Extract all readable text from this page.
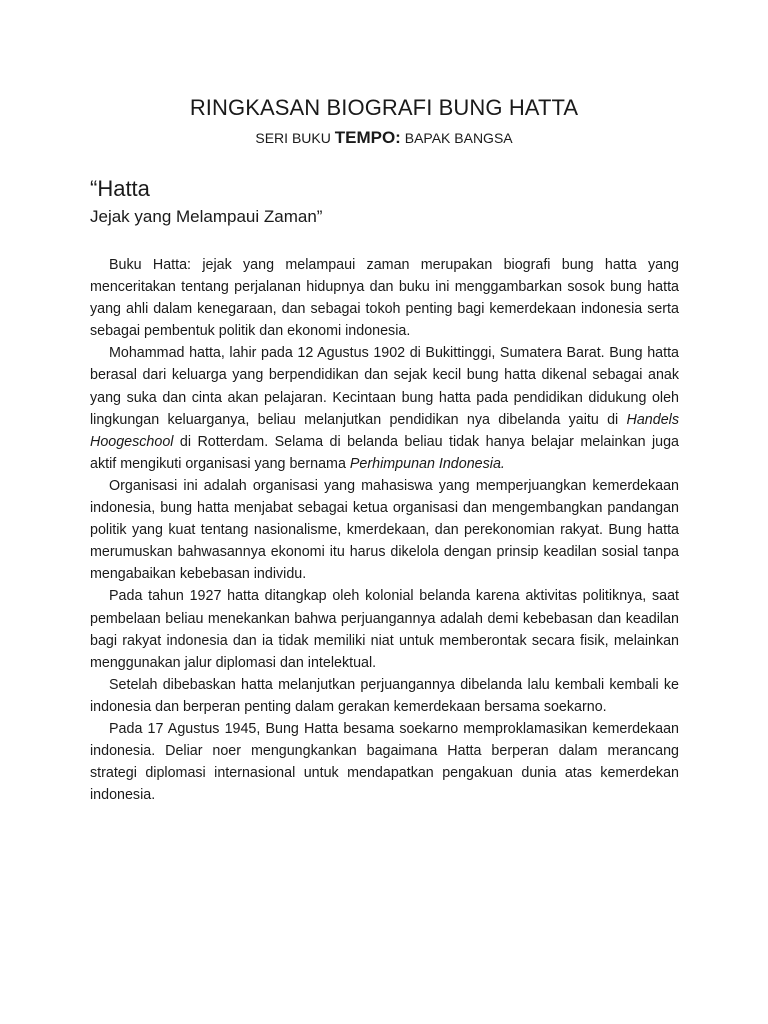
RINGKASAN BIOGRAFI BUNG HATTA
SERI BUKU TEMPO: BAPAK BANGSA
“Hatta
Jejak yang Melampaui Zaman”

Buku Hatta: jejak yang melampaui zaman merupakan biografi bung hatta yang menceritakan tentang perjalanan hidupnya dan buku ini menggambarkan sosok bung hatta yang ahli dalam kenegaraan, dan sebagai tokoh penting bagi kemerdekaan indonesia serta sebagai pembentuk politik dan ekonomi indonesia.

Mohammad hatta, lahir pada 12 Agustus 1902 di Bukittinggi, Sumatera Barat. Bung hatta berasal dari keluarga yang berpendidikan dan sejak kecil bung hatta dikenal sebagai anak yang suka dan cinta akan pelajaran. Kecintaan bung hatta pada pendidikan didukung oleh lingkungan keluarganya, beliau melanjutkan pendidikan nya dibelanda yaitu di Handels Hoogeschool di Rotterdam. Selama di belanda beliau tidak hanya belajar melainkan juga aktif mengikuti organisasi yang bernama Perhimpunan Indonesia.

Organisasi ini adalah organisasi yang mahasiswa yang memperjuangkan kemerdekaan indonesia, bung hatta menjabat sebagai ketua organisasi dan mengembangkan pandangan politik yang kuat tentang nasionalisme, kmerdekaan, dan perekonomian rakyat. Bung hatta merumuskan bahwasannya ekonomi itu harus dikelola dengan prinsip keadilan sosial tanpa mengabaikan kebebasan individu.

Pada tahun 1927 hatta ditangkap oleh kolonial belanda karena aktivitas politiknya, saat pembelaan beliau menekankan bahwa perjuangannya adalah demi kebebasan dan keadilan bagi rakyat indonesia dan ia tidak memiliki niat untuk memberontak secara fisik, melainkan menggunakan jalur diplomasi dan intelektual.

Setelah dibebaskan hatta melanjutkan perjuangannya dibelanda lalu kembali kembali ke indonesia dan berperan penting dalam gerakan kemerdekaan bersama soekarno.

Pada 17 Agustus 1945, Bung Hatta besama soekarno memproklamasikan kemerdekaan indonesia. Deliar noer mengungkankan bagaimana Hatta berperan dalam merancang strategi diplomasi internasional untuk mendapatkan pengakuan dunia atas kemerdekan indonesia.
